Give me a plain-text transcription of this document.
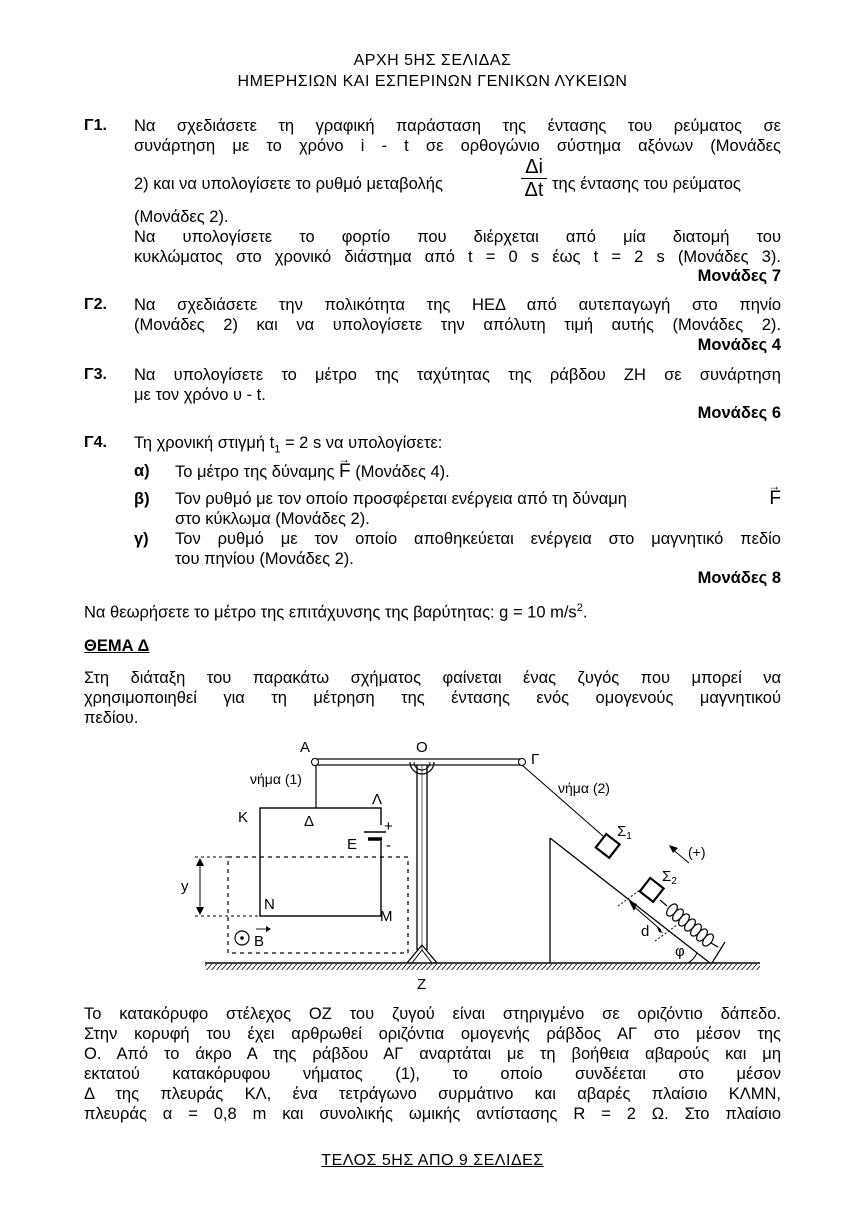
ΑΡΧΗ 5ΗΣ ΣΕΛΙΔΑΣ
ΗΜΕΡΗΣΙΩΝ ΚΑΙ ΕΣΠΕΡΙΝΩΝ ΓΕΝΙΚΩΝ ΛΥΚΕΙΩΝ
Γ1. Να σχεδιάσετε τη γραφική παράσταση της έντασης του ρεύματος σε
συνάρτηση με το χρόνο i - t σε ορθογώνιο σύστημα αξόνων (Μονάδες
2) και να υπολογίσετε το ρυθμό μεταβολής
Δi
Δt της έντασης του ρεύματος
(Μονάδες 2).
Να υπολογίσετε το φορτίο που διέρχεται από μία διατομή του
κυκλώματος στο χρονικό διάστημα από t = 0 s έως t = 2 s (Μονάδες 3).
Μονάδες 7
Γ2. Να σχεδιάσετε την πολικότητα της ΗΕΔ από αυτεπαγωγή στο πηνίο
(Μονάδες 2) και να υπολογίσετε την απόλυτη τιμή αυτής (Μονάδες 2).
Μονάδες 4
Γ3. Να υπολογίσετε το μέτρο της ταχύτητας της ράβδου ΖΗ σε συνάρτηση
με τον χρόνο υ - t.
Μονάδες 6
Γ4. Τη χρονική στιγμή $t_1 = 2$ s να υπολογίσετε:
α) Το μέτρο της δύναμης → F (Μονάδες 4).
β) Τον ρυθμό με τον οποίο προσφέρεται ενέργεια από τη δύναμη
→	F
στο κύκλωμα (Μονάδες 2).
γ) Τον ρυθμό με τον οποίο αποθηκεύεται ενέργεια στο μαγνητικό πεδίο
του πηνίου (Μονάδες 2).
Μονάδες 8
Να θεωρήσετε το μέτρο της επιτάχυνσης της βαρύτητας: g = 10 $m/s^2$.
ΘΕΜΑ Δ
Στη διάταξη του παρακάτω σχήματος φαίνεται ένας ζυγός που μπορεί να
χρησιμοποιηθεί για τη μέτρηση της έντασης ενός ομογενούς μαγνητικού
πεδίου.
Α	Ο
Γ
νήμα (1)
νήμα (2)
Λ
Κ	Δ
Ε
+
-
y
Ν
Μ
B
Ζ
$\Sigma_1$
$\Sigma_2$
(+)
d
φ
Το κατακόρυφο στέλεχος ΟΖ του ζυγού είναι στηριγμένο σε οριζόντιο δάπεδο.
Στην κορυφή του έχει αρθρωθεί οριζόντια ομογενής ράβδος ΑΓ στο μέσον της
Ο. Από το άκρο Α της ράβδου ΑΓ αναρτάται με τη βοήθεια αβαρούς και μη
εκτατού κατακόρυφου νήματος (1), το οποίο συνδέεται στο μέσον
Δ της πλευράς ΚΛ, ένα τετράγωνο συρμάτινο και αβαρές πλαίσιο ΚΛΜΝ,
πλευράς α = 0,8 m και συνολικής ωμικής αντίστασης R = 2 Ω. Στο πλαίσιο
ΤΕΛΟΣ 5ΗΣ ΑΠΟ 9 ΣΕΛΙΔΕΣ
